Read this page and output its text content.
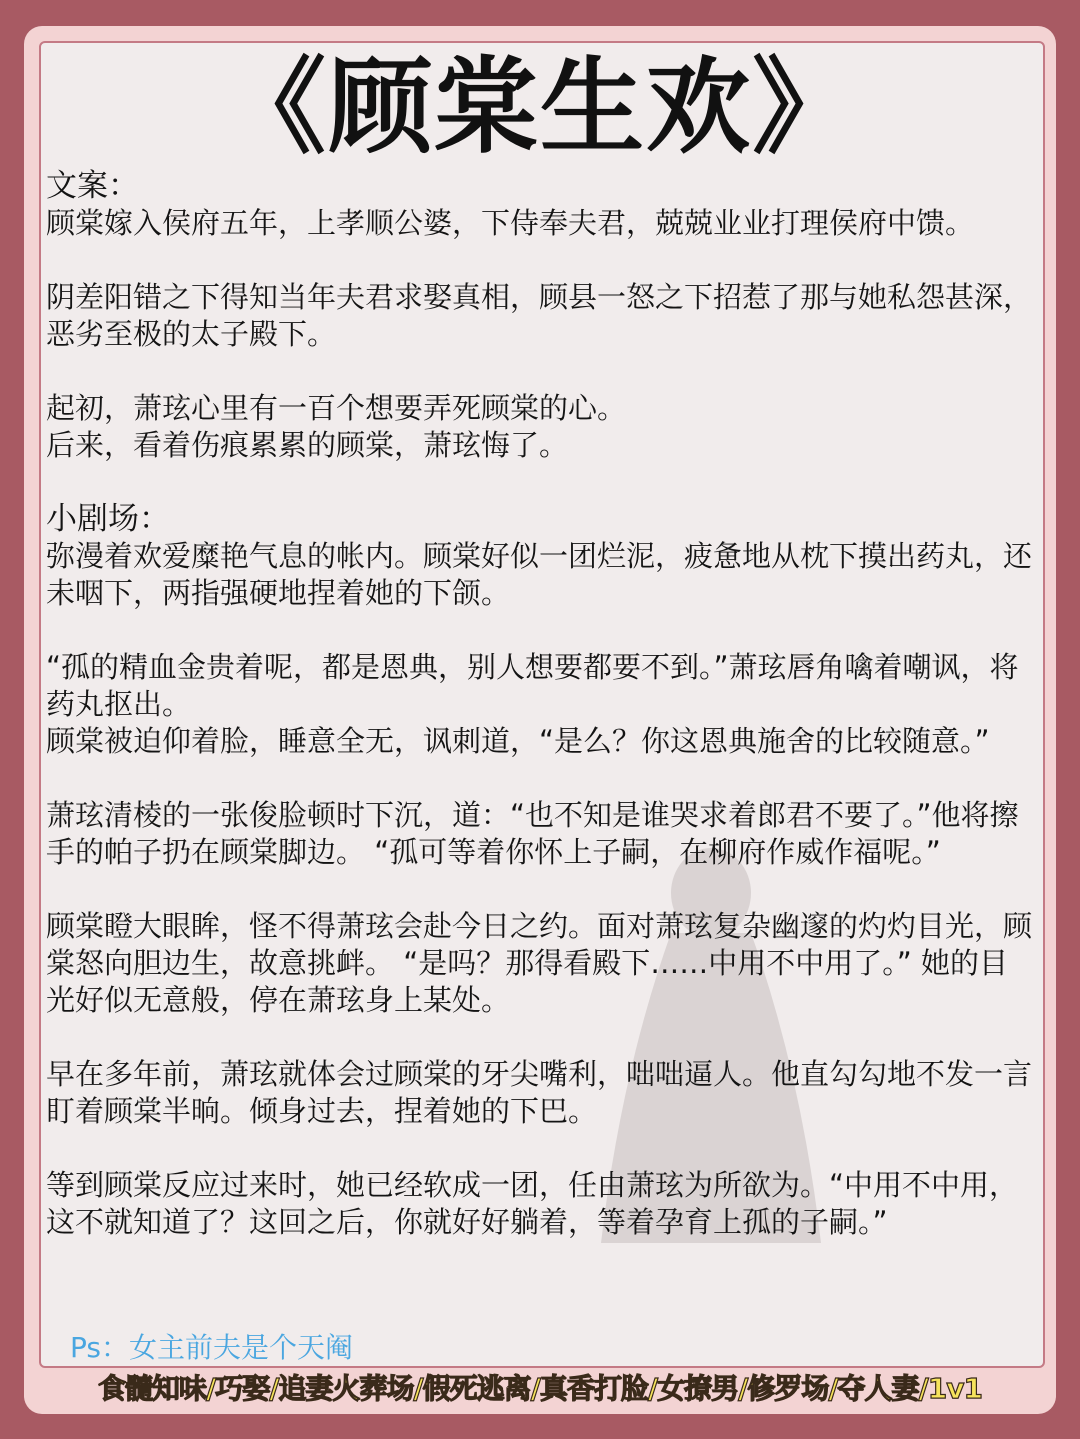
《顾棠生欢》
文案：
顾棠嫁入侯府五年，上孝顺公婆，下侍奉夫君，兢兢业业打理侯府中馈。
阴差阳错之下得知当年夫君求娶真相，顾县一怒之下招惹了那与她私怨甚深，恶劣至极的太子殿下。
起初，萧玹心里有一百个想要弄死顾棠的心。
后来，看着伤痕累累的顾棠，萧玹悔了。
小剧场：
弥漫着欢爱糜艳气息的帐内。顾棠好似一团烂泥，疲惫地从枕下摸出药丸，还未咽下，两指强硬地捏着她的下颌。
“孤的精血金贵着呢，都是恩典，别人想要都要不到。”萧玹唇角噙着嘲讽，将药丸抠出。
顾棠被迫仰着脸，睡意全无，讽刺道，“是么？你这恩典施舍的比较随意。”
萧玹清棱的一张俊脸顿时下沉，道：“也不知是谁哭求着郎君不要了。”他将擦手的帕子扔在顾棠脚边。 “孤可等着你怀上子嗣，在柳府作威作福呢。”
顾棠瞪大眼眸，怪不得萧玹会赴今日之约。面对萧玹复杂幽邃的灼灼目光，顾棠怒向胆边生，故意挑衅。 “是吗？那得看殿下……中用不中用了。” 她的目光好似无意般，停在萧玹身上某处。
早在多年前，萧玹就体会过顾棠的牙尖嘴利，咄咄逼人。他直勾勾地不发一言盯着顾棠半晌。倾身过去，捏着她的下巴。
等到顾棠反应过来时，她已经软成一团，任由萧玹为所欲为。“中用不中用，这不就知道了？这回之后，你就好好躺着，等着孕育上孤的子嗣。”
Ps：女主前夫是个天阉
食髓知味/巧娶/追妻火葬场/假死逃离/真香打脸/女撩男/修罗场/夺人妻/1v1
